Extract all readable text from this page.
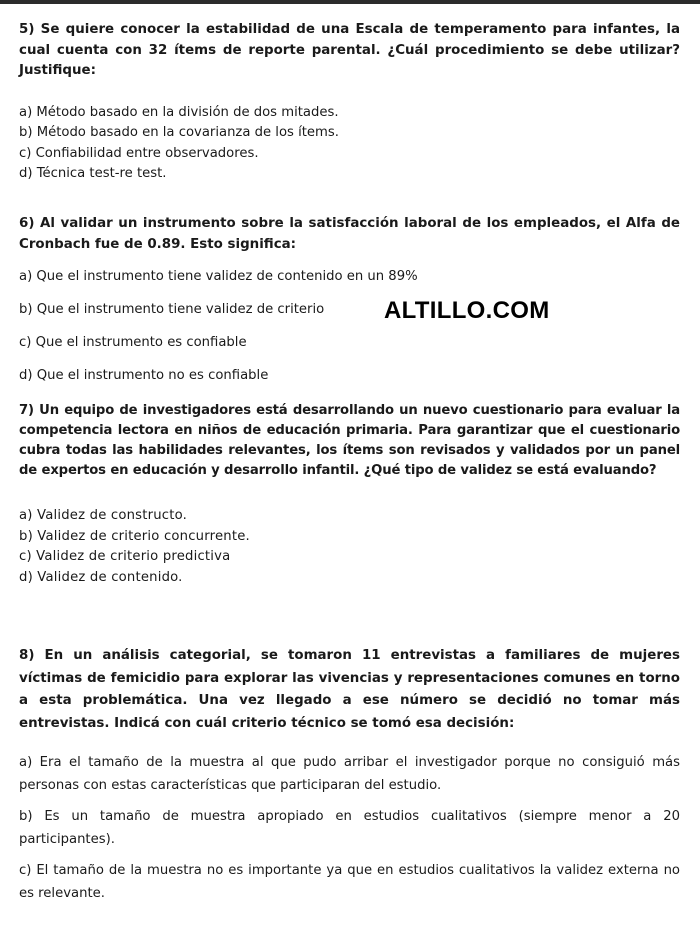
5) Se quiere conocer la estabilidad de una Escala de temperamento para infantes, la cual cuenta con 32 ítems de reporte parental. ¿Cuál procedimiento se debe utilizar? Justifique:

a) Método basado en la división de dos mitades.
b) Método basado en la covarianza de los ítems.
c) Confiabilidad entre observadores.
d) Técnica test-re test.

6) Al validar un instrumento sobre la satisfacción laboral de los empleados, el Alfa de Cronbach fue de 0.89. Esto significa:

a) Que el instrumento tiene validez de contenido en un 89%
b) Que el instrumento tiene validez de criterio
c) Que el instrumento es confiable
d) Que el instrumento no es confiable
ALTILLO.COM

7) Un equipo de investigadores está desarrollando un nuevo cuestionario para evaluar la competencia lectora en niños de educación primaria. Para garantizar que el cuestionario cubra todas las habilidades relevantes, los ítems son revisados y validados por un panel de expertos en educación y desarrollo infantil. ¿Qué tipo de validez se está evaluando?

a) Validez de constructo.
b) Validez de criterio concurrente.
c) Validez de criterio predictiva
d) Validez de contenido.

8) En un análisis categorial, se tomaron 11 entrevistas a familiares de mujeres víctimas de femicidio para explorar las vivencias y representaciones comunes en torno a esta problemática. Una vez llegado a ese número se decidió no tomar más entrevistas. Indicá con cuál criterio técnico se tomó esa decisión:

a) Era el tamaño de la muestra al que pudo arribar el investigador porque no consiguió más personas con estas características que participaran del estudio.
b) Es un tamaño de muestra apropiado en estudios cualitativos (siempre menor a 20 participantes).
c) El tamaño de la muestra no es importante ya que en estudios cualitativos la validez externa no es relevante.
